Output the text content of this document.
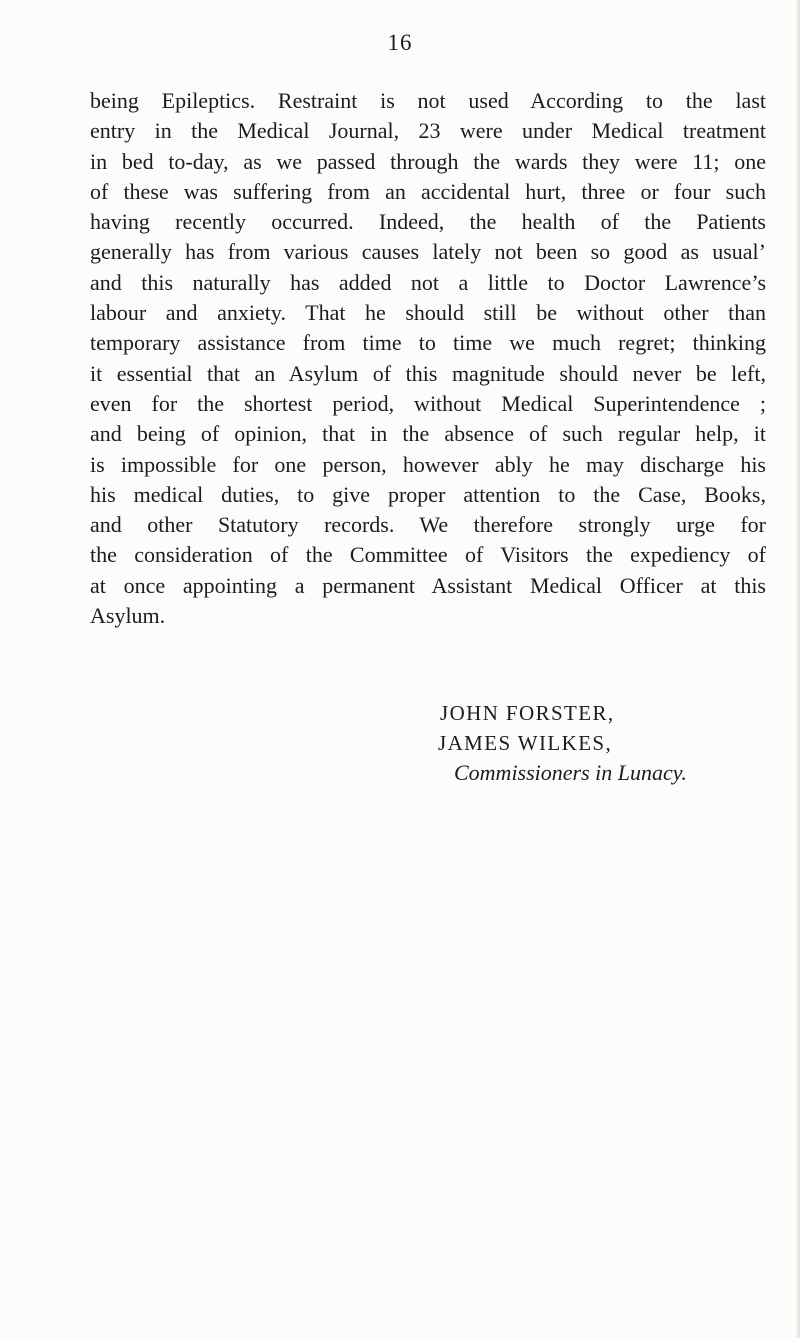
16
being Epileptics. Restraint is not used According to the last
entry in the Medical Journal, 23 were under Medical treatment
in bed to-day, as we passed through the wards they were 11; one
of these was suffering from an accidental hurt, three or four such
having recently occurred. Indeed, the health of the Patients
generally has from various causes lately not been so good as usual’
and this naturally has added not a little to Doctor Lawrence’s
labour and anxiety. That he should still be without other than
temporary assistance from time to time we much regret; thinking
it essential that an Asylum of this magnitude should never be left,
even for the shortest period, without Medical Superintendence ;
and being of opinion, that in the absence of such regular help, it
is impossible for one person, however ably he may discharge his
his medical duties, to give proper attention to the Case, Books,
and other Statutory records. We therefore strongly urge for
the consideration of the Committee of Visitors the expediency of
at once appointing a permanent Assistant Medical Officer at this
Asylum.
JOHN FORSTER,
JAMES WILKES,
Commissioners in Lunacy.
